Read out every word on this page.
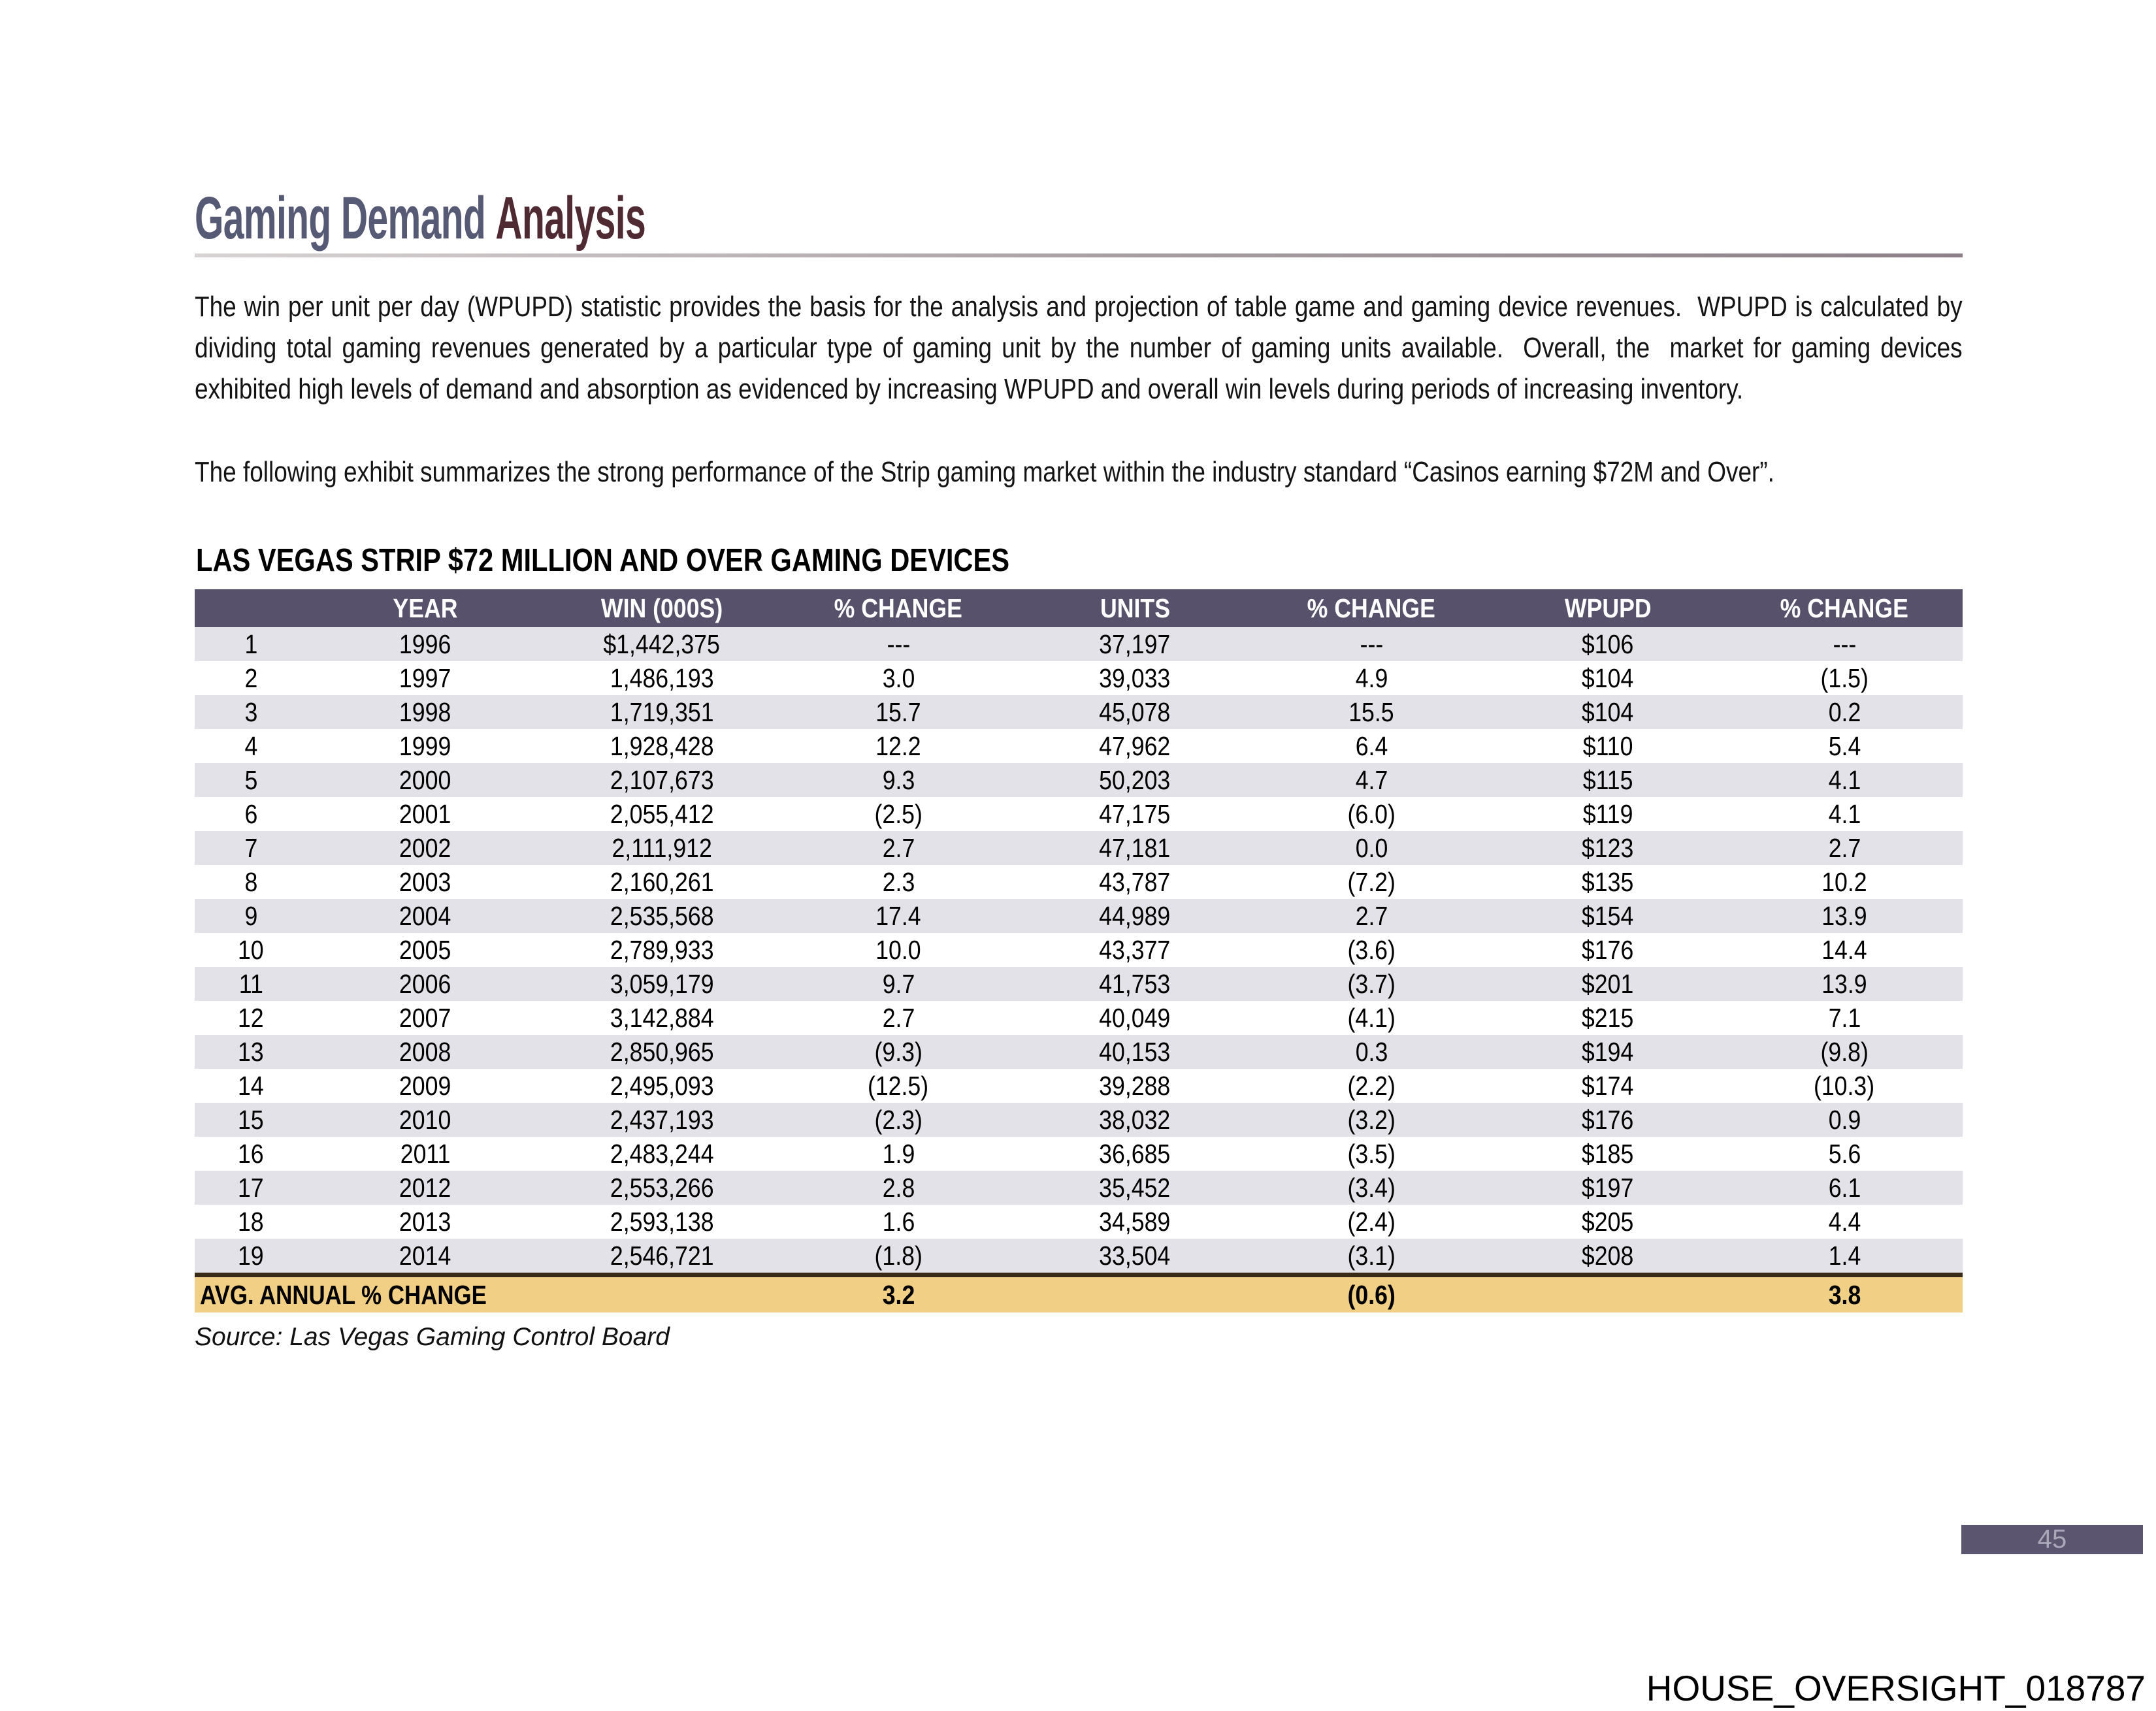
Gaming Demand Analysis

The win per unit per day (WPUPD) statistic provides the basis for the analysis and projection of table game and gaming device revenues.  WPUPD is calculated by dividing total gaming revenues generated by a particular type of gaming unit by the number of gaming units available.  Overall, the  market for gaming devices exhibited high levels of demand and absorption as evidenced by increasing WPUPD and overall win levels during periods of increasing inventory.

The following exhibit summarizes the strong performance of the Strip gaming market within the industry standard “Casinos earning $72M and Over”.

LAS VEGAS STRIP $72 MILLION AND OVER GAMING DEVICES
	YEAR	WIN (000S)	% CHANGE	UNITS	% CHANGE	WPUPD	% CHANGE
1	1996	$1,442,375	---	37,197	---	$106	---
2	1997	1,486,193	3.0	39,033	4.9	$104	(1.5)
3	1998	1,719,351	15.7	45,078	15.5	$104	0.2
4	1999	1,928,428	12.2	47,962	6.4	$110	5.4
5	2000	2,107,673	9.3	50,203	4.7	$115	4.1
6	2001	2,055,412	(2.5)	47,175	(6.0)	$119	4.1
7	2002	2,111,912	2.7	47,181	0.0	$123	2.7
8	2003	2,160,261	2.3	43,787	(7.2)	$135	10.2
9	2004	2,535,568	17.4	44,989	2.7	$154	13.9
10	2005	2,789,933	10.0	43,377	(3.6)	$176	14.4
11	2006	3,059,179	9.7	41,753	(3.7)	$201	13.9
12	2007	3,142,884	2.7	40,049	(4.1)	$215	7.1
13	2008	2,850,965	(9.3)	40,153	0.3	$194	(9.8)
14	2009	2,495,093	(12.5)	39,288	(2.2)	$174	(10.3)
15	2010	2,437,193	(2.3)	38,032	(3.2)	$176	0.9
16	2011	2,483,244	1.9	36,685	(3.5)	$185	5.6
17	2012	2,553,266	2.8	35,452	(3.4)	$197	6.1
18	2013	2,593,138	1.6	34,589	(2.4)	$205	4.4
19	2014	2,546,721	(1.8)	33,504	(3.1)	$208	1.4
AVG. ANNUAL % CHANGE			3.2		(0.6)		3.8
Source: Las Vegas Gaming Control Board
45
HOUSE_OVERSIGHT_018787
